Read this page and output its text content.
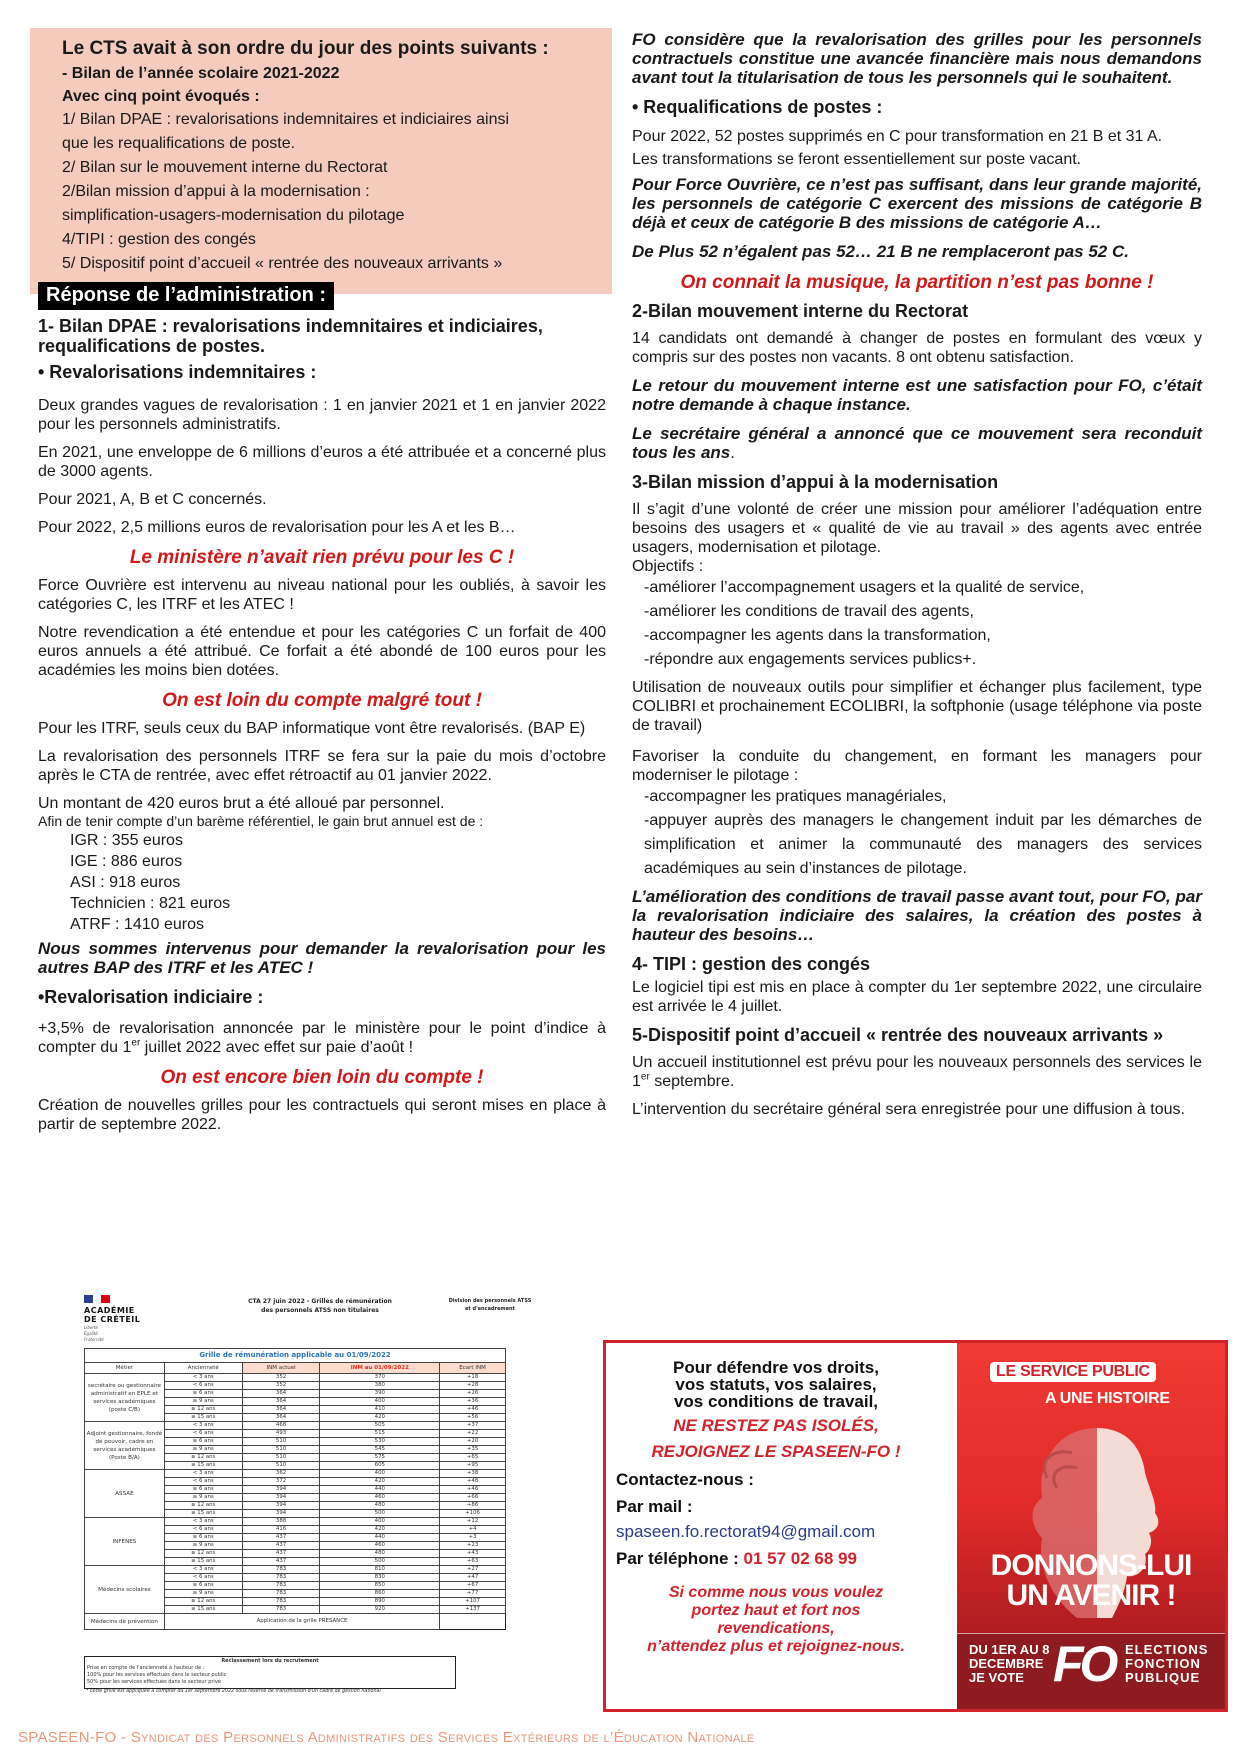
Le CTS avait à son ordre du jour des points suivants :
- Bilan de l’année scolaire 2021-2022
Avec cinq point évoqués :
1/ Bilan DPAE : revalorisations indemnitaires et indiciaires ainsi
que les requalifications de poste.
2/ Bilan sur le mouvement interne du Rectorat
2/Bilan mission d’appui à la modernisation :
simplification-usagers-modernisation du pilotage
4/TIPI : gestion des congés
5/ Dispositif point d’accueil « rentrée des nouveaux arrivants »
Réponse de l’administration :
1- Bilan DPAE : revalorisations indemnitaires et indiciaires, requalifications de postes.
• Revalorisations indemnitaires :
Deux grandes vagues de revalorisation : 1 en janvier 2021 et 1 en janvier 2022 pour les personnels administratifs.
En 2021, une enveloppe de 6 millions d’euros a été attribuée et a concerné plus de 3000 agents.
Pour 2021, A, B et C concernés.
Pour 2022, 2,5 millions euros de revalorisation pour les A et les B…
Le ministère n’avait rien prévu pour les C !
Force Ouvrière est intervenu au niveau national pour les oubliés, à savoir les catégories C, les ITRF et les ATEC !
Notre revendication a été entendue et pour les catégories C un forfait de 400 euros annuels a été attribué. Ce forfait a été abondé de 100 euros pour les académies les moins bien dotées.
On est loin du compte malgré tout !
Pour les ITRF, seuls ceux du BAP informatique vont être revalorisés. (BAP E)
La revalorisation des personnels ITRF se fera sur la paie du mois d’octobre après le CTA de rentrée, avec effet rétroactif au 01 janvier 2022.
Un montant de 420 euros brut a été alloué par personnel.
Afin de tenir compte d’un barème référentiel, le gain brut annuel est de :
IGR : 355 euros
IGE : 886 euros
ASI : 918 euros
Technicien : 821 euros
ATRF : 1410 euros
Nous sommes intervenus pour demander la revalorisation pour les autres BAP des ITRF et les ATEC !
•Revalorisation indiciaire :
+3,5% de revalorisation annoncée par le ministère pour le point d’indice à compter du 1er juillet 2022 avec effet sur paie d’août !
On est encore bien loin du compte !
Création de nouvelles grilles pour les contractuels qui seront mises en place à partir de septembre 2022.
FO considère que la revalorisation des grilles pour les personnels contractuels constitue une avancée financière mais nous demandons avant tout la titularisation de tous les personnels qui le souhaitent.
• Requalifications de postes :
Pour 2022, 52 postes supprimés en C pour transformation en 21 B et 31 A.
Les transformations se feront essentiellement sur poste vacant.
Pour Force Ouvrière, ce n’est pas suffisant, dans leur grande majorité, les personnels de catégorie C exercent des missions de catégorie B déjà et ceux de catégorie B des missions de catégorie A…
De Plus 52 n’égalent pas 52… 21 B ne remplaceront pas 52 C.
On connait la musique, la partition n’est pas bonne !
2-Bilan mouvement interne du Rectorat
14 candidats ont demandé à changer de postes en formulant des vœux y compris sur des postes non vacants. 8 ont obtenu satisfaction.
Le retour du mouvement interne est une satisfaction pour FO, c’était notre demande à chaque instance.
Le secrétaire général a annoncé que ce mouvement sera reconduit tous les ans.
3-Bilan mission d’appui à la modernisation
Il s’agit d’une volonté de créer une mission pour améliorer l’adéquation entre besoins des usagers et « qualité de vie au travail » des agents avec entrée usagers, modernisation et pilotage.
Objectifs :
-améliorer l’accompagnement usagers et la qualité de service,
-améliorer les conditions de travail des agents,
-accompagner les agents dans la transformation,
-répondre aux engagements services publics+.
Utilisation de nouveaux outils pour simplifier et échanger plus facilement, type COLIBRI et prochainement ECOLIBRI, la softphonie (usage téléphone via poste de travail)
Favoriser la conduite du changement, en formant les managers pour moderniser le pilotage :
-accompagner les pratiques managériales,
-appuyer auprès des managers le changement induit par les démarches de simplification et animer la communauté des managers des services académiques au sein d’instances de pilotage.
L’amélioration des conditions de travail passe avant tout, pour FO, par la revalorisation indiciaire des salaires, la création des postes à hauteur des besoins…
4- TIPI : gestion des congés
Le logiciel tipi est mis en place à compter du 1er septembre 2022, une circulaire est arrivée le 4 juillet.
5-Dispositif point d’accueil « rentrée des nouveaux arrivants »
Un accueil institutionnel est prévu pour les nouveaux personnels des services le 1er septembre.
L’intervention du secrétaire général sera enregistrée pour une diffusion à tous.
ACADÉMIE
DE CRÉTEIL
Liberté
Égalité
Fraternité
CTA 27 juin 2022 - Grilles de rémunération
des personnels ATSS non titulaires
Division des personnels ATSS
et d'encadrement
Grille de rémunération applicable au 01/09/2022				
Métier	Ancienneté	INM actuel	INM au 01/09/2022	Ecart INM
secrétaire ou gestionnaire administratif en EPLE et services académiques (poste C/B)	< 3 ans	352	370	+18
	< 6 ans	352	380	+28
	≥ 6 ans	364	390	+26
	≥ 9 ans	364	400	+36
	≥ 12 ans	364	410	+46
	≥ 15 ans	364	420	+56
Adjoint gestionnaire, fondé de pouvoir, cadre en services académiques (Poste B/A)	< 3 ans	468	505	+37
	< 6 ans	493	515	+22
	≥ 6 ans	510	530	+20
	≥ 9 ans	510	545	+35
	≥ 12 ans	510	575	+65
	≥ 15 ans	510	605	+95
ASSAE	< 3 ans	362	400	+38
	< 6 ans	372	420	+48
	≥ 6 ans	394	440	+46
	≥ 9 ans	394	460	+66
	≥ 12 ans	394	480	+86
	≥ 15 ans	394	500	+106
INFENES	< 3 ans	388	400	+12
	< 6 ans	416	420	+4
	≥ 6 ans	437	440	+3
	≥ 9 ans	437	460	+23
	≥ 12 ans	437	480	+43
	≥ 15 ans	437	500	+63
Médecins scolaires	< 3 ans	783	810	+27
	< 6 ans	783	830	+47
	≥ 6 ans	783	850	+67
	≥ 9 ans	783	860	+77
	≥ 12 ans	783	890	+107
	≥ 15 ans	783	920	+137
Médecins de prévention	Application de la grille PRESANCE			
Reclassement lors du recrutement
Prise en compte de l'ancienneté à hauteur de :
100% pour les services effectués dans le secteur public
50% pour les services effectués dans le secteur privé
* cette grille est appliquée à compter du 1er septembre 2022 sous réserve de transmission d'un cadre de gestion national
Pour défendre vos droits,
vos statuts, vos salaires,
vos conditions de travail,
NE RESTEZ PAS ISOLÉS,
REJOIGNEZ LE SPASEEN-FO !
Contactez-nous :
Par mail :
spaseen.fo.rectorat94@gmail.com
Par téléphone : 01 57 02 68 99
Si comme nous vous voulez
portez haut et fort nos
revendications,
n’attendez plus et rejoignez-nous.
LE SERVICE PUBLIC
A UNE HISTOIRE
DONNONS-LUI
UN AVENIR !
DU 1ER AU 8
DECEMBRE
JE VOTE FO ELECTIONS
FONCTION
PUBLIQUE
SPASEEN-FO - Syndicat des Personnels Administratifs des Services Extérieurs de l’Éducation Nationale
